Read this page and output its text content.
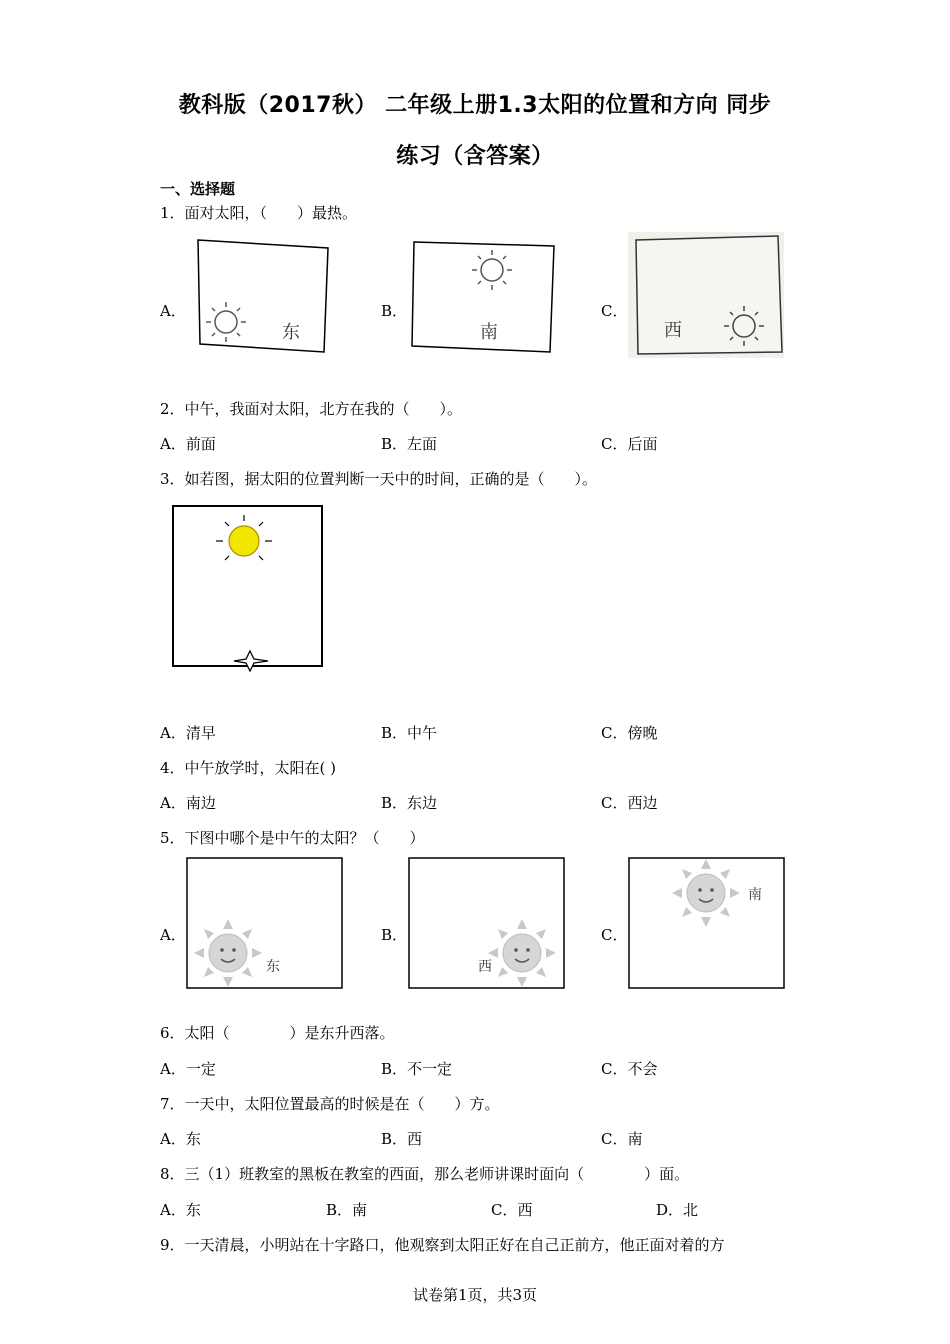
教科版（2017秋） 二年级上册1.3太阳的位置和方向 同步
练习（含答案）
一、选择题
1．面对太阳，（　　）最热。
A．
东
B．
南
C．
西
2．中午，我面对太阳，北方在我的（　　）。
A．前面	B．左面	C．后面
3．如若图，据太阳的位置判断一天中的时间，正确的是（　　）。
A．清早	B．中午	C．傍晚
4．中午放学时，太阳在( )
A．南边	B．东边	C．西边
5．下图中哪个是中午的太阳？（　　）
A．
东
B．
西
C．
南
6．太阳（　　　　）是东升西落。
A．一定	B．不一定	C．不会
7．一天中，太阳位置最高的时候是在（　　）方。
A．东	B．西	C．南
8．三（1）班教室的黑板在教室的西面，那么老师讲课时面向（　　　　）面。
A．东	B．南	C．西	D．北
9．一天清晨，小明站在十字路口，他观察到太阳正好在自己正前方，他正面对着的方
试卷第1页，共3页
